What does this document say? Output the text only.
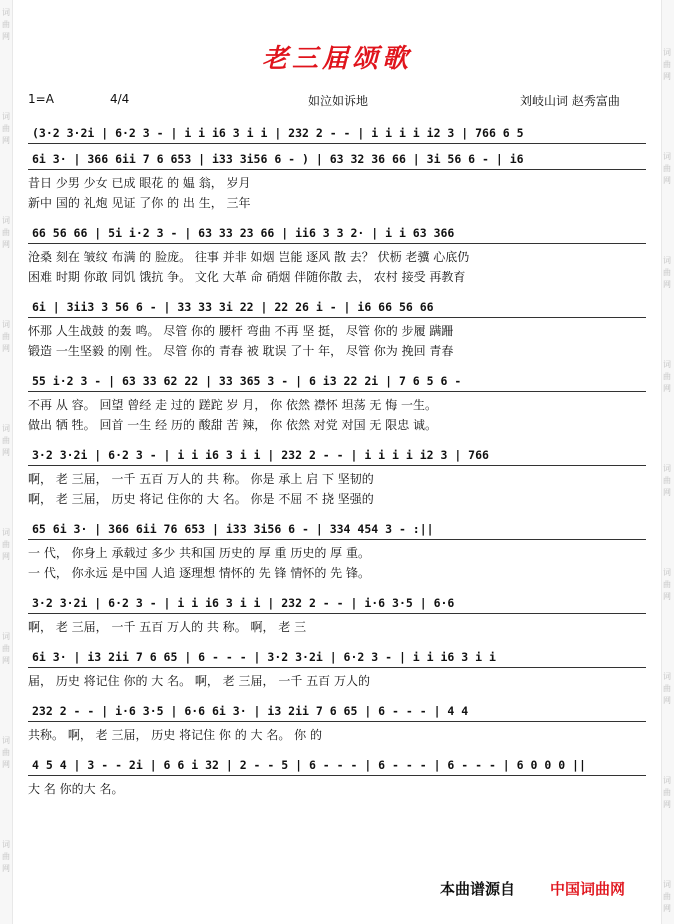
词
曲
网
词
曲
网
词
曲
网
词
曲
网
词
曲
网
词
曲
网
词
曲
网
词
曲
网
词
曲
网
词
曲
网
词
曲
网
词
曲
网
词
曲
网
词
曲
网
词
曲
网
词
曲
网
词
曲
网
词
曲
网
老三届颂歌
1=A	4/4	如泣如诉地	刘岐山词 赵秀富曲
(3·2 3·2i | 6·2 3 - | i i i6 3 i i | 232 2 - - | i i i i i2 3 | 766 6 5
6i 3· | 366 6ii 7 6 653 | i33 3i56 6 - ) | 63 32 36 66 | 3i 56 6 - | i6
昔日 少男 少女 已成 眼花 的 媪 翁， 岁月
新中 国的 礼炮 见证 了你 的 出 生， 三年
66 56 66 | 5i i·2 3 - | 63 33 23 66 | ii6 3 3 2· | i i 63 366
沧桑 刻在 皱纹 布满 的 脸庞。 往事 并非 如烟 岂能 逐风 散 去？ 伏枥 老骥 心底仍
困难 时期 你敢 同饥 饿抗 争。 文化 大革 命 硝烟 伴随你散 去， 农村 接受 再教育
6i | 3ii3 3 56 6 - | 33 33 3i 22 | 22 26 i - | i6 66 56 66
怀那 人生战鼓 的轰 鸣。 尽管 你的 腰杆 弯曲 不再 坚 挺， 尽管 你的 步履 蹒跚
锻造 一生坚毅 的刚 性。 尽管 你的 青春 被 耽误 了十 年， 尽管 你为 挽回 青春
55 i·2 3 - | 63 33 62 22 | 33 365 3 - | 6 i3 22 2i | 7 6 5 6 -
不再 从 容。 回望 曾经 走 过的 蹉跎 岁 月， 你 依然 襟怀 坦荡 无 悔 一生。
做出 牺 牲。 回首 一生 经 历的 酸甜 苦 辣， 你 依然 对党 对国 无 限忠 诚。
3·2 3·2i | 6·2 3 - | i i i6 3 i i | 232 2 - - | i i i i i2 3 | 766
啊， 老 三届， 一千 五百 万人的 共 称。 你是 承上 启 下 坚韧的
啊， 老 三届， 历史 将记 住你的 大 名。 你是 不屈 不 挠 坚强的
65 6i 3· | 366 6ii 76 653 | i33 3i56 6 - | 334 454 3 - :||
一 代， 你身上 承载过 多少 共和国 历史的 厚 重 历史的 厚 重。
一 代， 你永远 是中国 人追 逐理想 情怀的 先 锋 情怀的 先 锋。
3·2 3·2i | 6·2 3 - | i i i6 3 i i | 232 2 - - | i·6 3·5 | 6·6
啊， 老 三届， 一千 五百 万人的 共 称。 啊， 老 三
6i 3· | i3 2ii 7 6 65 | 6 - - - | 3·2 3·2i | 6·2 3 - | i i i6 3 i i
届， 历史 将记住 你的 大 名。 啊， 老 三届， 一千 五百 万人的
232 2 - - | i·6 3·5 | 6·6 6i 3· | i3 2ii 7 6 65 | 6 - - - | 4 4
共称。 啊， 老 三届， 历史 将记住 你 的 大 名。 你 的
4 5 4 | 3 - - 2i | 6 6 i 32 | 2 - - 5 | 6 - - - | 6 - - - | 6 - - - | 6 0 0 0 ||
大 名 你的大 名。
本曲谱源自 中国词曲网
